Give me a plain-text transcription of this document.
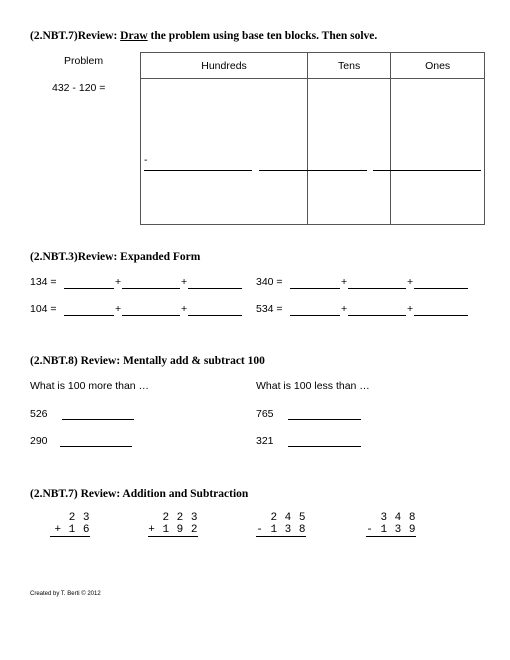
(2.NBT.7)Review: Draw the problem using base ten blocks. Then solve.
Problem
432 - 120 =
Hundreds	Tens	Ones

-
(2.NBT.3)Review: Expanded Form
134 =	+	+	340 =	+	+
104 =	+	+	534 =	+	+
(2.NBT.8) Review: Mentally add & subtract 100
What is 100 more than …	What is 100 less than …
526	765
290	321
(2.NBT.7) Review: Addition and Subtraction
2 3
+ 1 6
2 2 3
+ 1 9 2
2 4 5
- 1 3 8
3 4 8
- 1 3 9
Created by T. Berti © 2012
